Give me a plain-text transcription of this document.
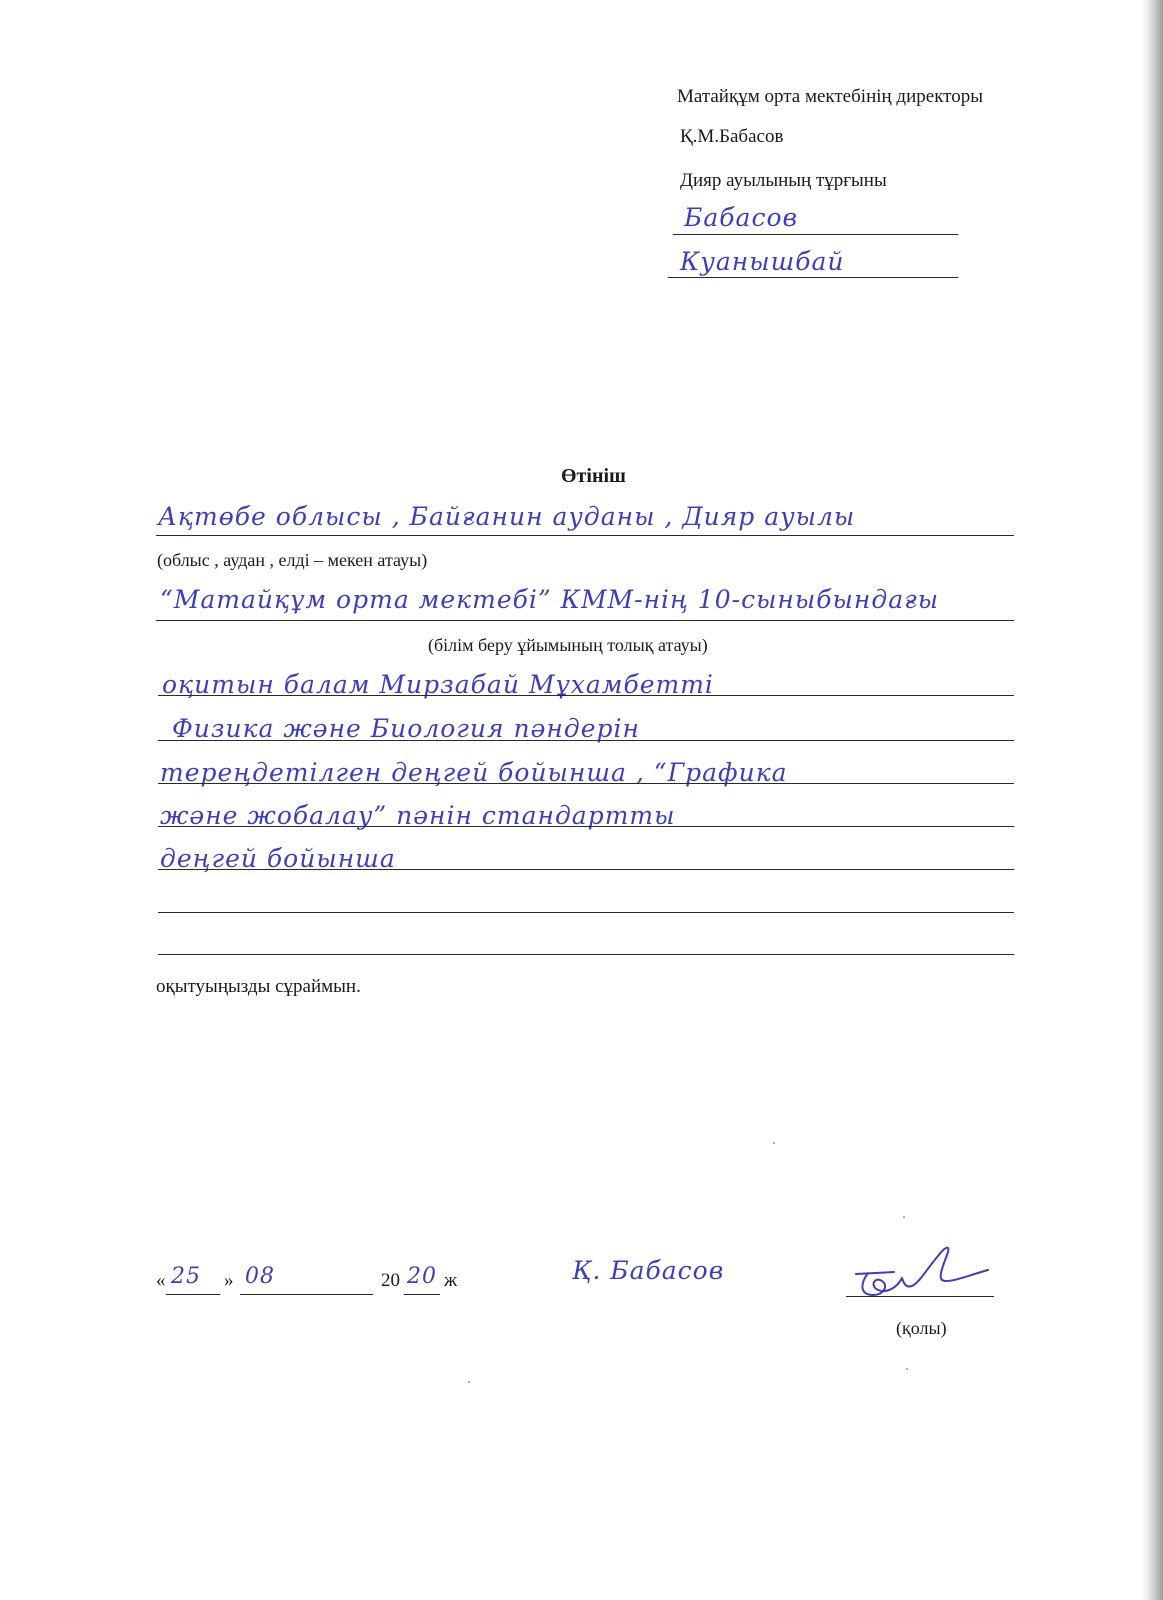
Матайқұм орта мектебінің директоры
Қ.М.Бабасов
Дияр ауылының тұрғыны
Бабасов
Куанышбай
Өтініш
Ақтөбе облысы , Байғанин ауданы , Дияр ауылы
(облыс , аудан , елді – мекен атауы)
“Матайқұм орта мектебі” КММ-нің 10-сыныбындағы
(білім беру ұйымының толық атауы)
оқитын балам Мирзабай Мұхамбетті
Физика және Биология пәндерін
тереңдетілген деңгей бойынша , “Графика
және жобалау” пәнін стандартты
деңгей бойынша
оқытуыңызды сұраймын.
« 25 » 08	20 20 ж	Қ. Бабасов
(қолы)
